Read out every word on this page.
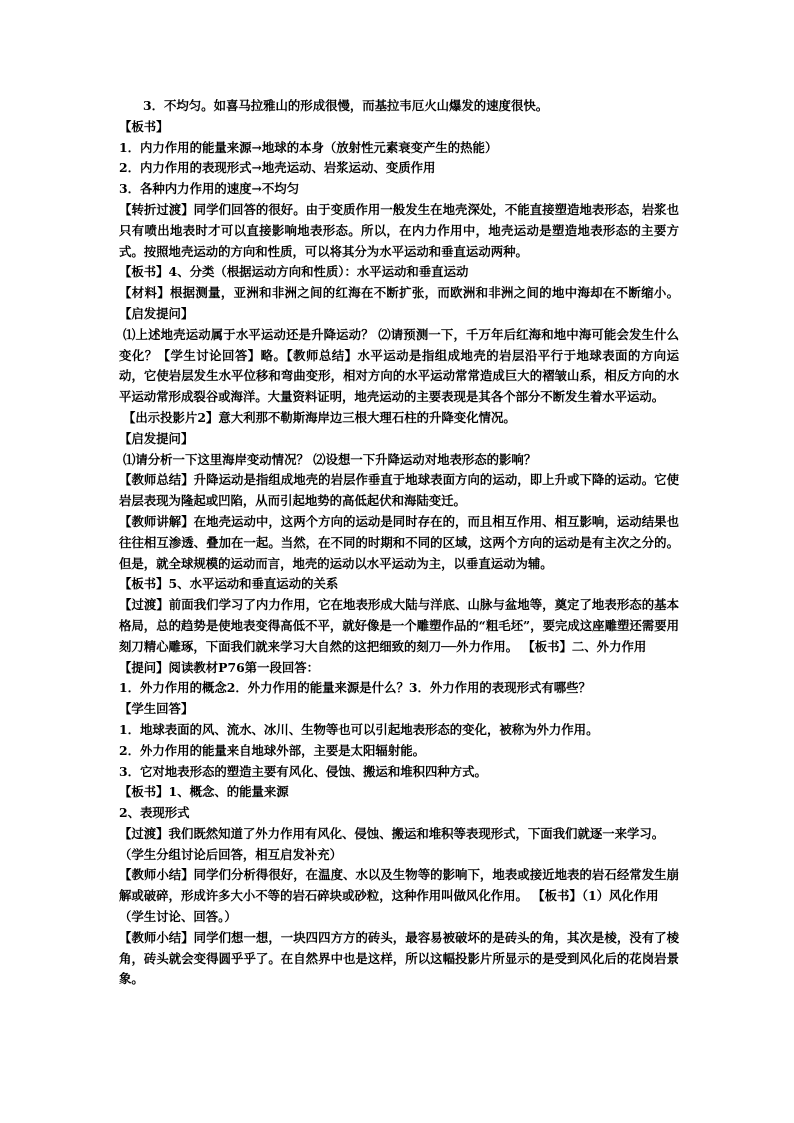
3．不均匀。如喜马拉雅山的形成很慢，而基拉韦厄火山爆发的速度很快。

【板书】

1．内力作用的能量来源→地球的本身（放射性元素衰变产生的热能）

2．内力作用的表现形式→地壳运动、岩浆运动、变质作用

3．各种内力作用的速度→不均匀

【转折过渡】同学们回答的很好。由于变质作用一般发生在地壳深处，不能直接塑造地表形态，岩浆也只有喷出地表时才可以直接影响地表形态。所以，在内力作用中，地壳运动是塑造地表形态的主要方式。按照地壳运动的方向和性质，可以将其分为水平运动和垂直运动两种。

【板书】4、分类（根据运动方向和性质）：水平运动和垂直运动

【材料】根据测量，亚洲和非洲之间的红海在不断扩张，而欧洲和非洲之间的地中海却在不断缩小。 【启发提问】

⑴上述地壳运动属于水平运动还是升降运动？ ⑵请预测一下，千万年后红海和地中海可能会发生什么变化？【学生讨论回答】略。【教师总结】水平运动是指组成地壳的岩层沿平行于地球表面的方向运动，它使岩层发生水平位移和弯曲变形，相对方向的水平运动常常造成巨大的褶皱山系，相反方向的水平运动常形成裂谷或海洋。大量资料证明，地壳运动的主要表现是其各个部分不断发生着水平运动。

【出示投影片2】意大利那不勒斯海岸边三根大理石柱的升降变化情况。

【启发提问】

⑴请分析一下这里海岸变动情况？ ⑵设想一下升降运动对地表形态的影响？

【教师总结】升降运动是指组成地壳的岩层作垂直于地球表面方向的运动，即上升或下降的运动。它使岩层表现为隆起或凹陷，从而引起地势的高低起伏和海陆变迁。

【教师讲解】在地壳运动中，这两个方向的运动是同时存在的，而且相互作用、相互影响，运动结果也往往相互渗透、叠加在一起。当然，在不同的时期和不同的区域，这两个方向的运动是有主次之分的。但是，就全球规模的运动而言，地壳的运动以水平运动为主，以垂直运动为辅。

【板书】5、水平运动和垂直运动的关系

【过渡】前面我们学习了内力作用，它在地表形成大陆与洋底、山脉与盆地等，奠定了地表形态的基本格局，总的趋势是使地表变得高低不平，就好像是一个雕塑作品的“粗毛坯”，要完成这座雕塑还需要用刻刀精心雕琢，下面我们就来学习大自然的这把细致的刻刀──外力作用。 【板书】二、外力作用

【提问】阅读教材P76第一段回答：

1．外力作用的概念2．外力作用的能量来源是什么？3．外力作用的表现形式有哪些？

【学生回答】

1．地球表面的风、流水、冰川、生物等也可以引起地表形态的变化，被称为外力作用。

2．外力作用的能量来自地球外部，主要是太阳辐射能。

3．它对地表形态的塑造主要有风化、侵蚀、搬运和堆积四种方式。

【板书】1、概念、的能量来源

2、表现形式

【过渡】我们既然知道了外力作用有风化、侵蚀、搬运和堆积等表现形式，下面我们就逐一来学习。

（学生分组讨论后回答，相互启发补充）

【教师小结】同学们分析得很好，在温度、水以及生物等的影响下，地表或接近地表的岩石经常发生崩解或破碎，形成许多大小不等的岩石碎块或砂粒，这种作用叫做风化作用。 【板书】（1）风化作用

（学生讨论、回答。）

【教师小结】同学们想一想，一块四四方方的砖头，最容易被破坏的是砖头的角，其次是棱，没有了棱角，砖头就会变得圆乎乎了。在自然界中也是这样，所以这幅投影片所显示的是受到风化后的花岗岩景象。
